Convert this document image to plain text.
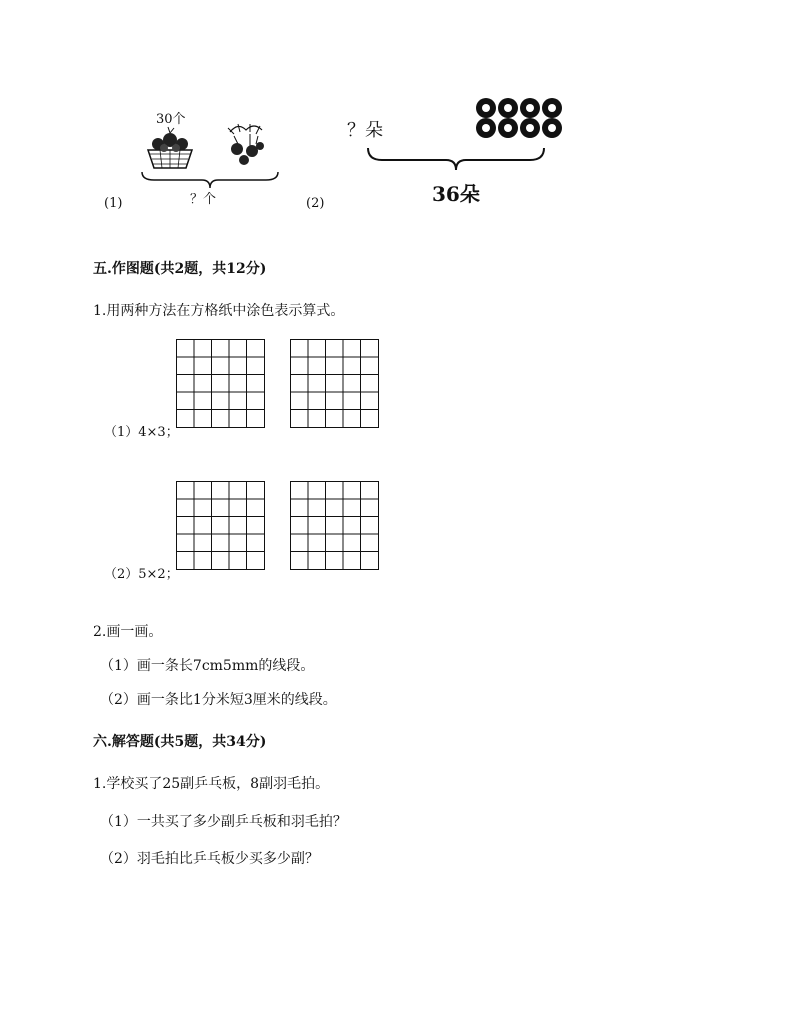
30个
？个
(1)
？朵
36朵
(2)
五.作图题(共2题，共12分)
1.用两种方法在方格纸中涂色表示算式。
（1）4×3；
（2）5×2；
2.画一画。
（1）画一条长7cm5mm的线段。
（2）画一条比1分米短3厘米的线段。
六.解答题(共5题，共34分)
1.学校买了25副乒乓板，8副羽毛拍。
（1）一共买了多少副乒乓板和羽毛拍？
（2）羽毛拍比乒乓板少买多少副？
